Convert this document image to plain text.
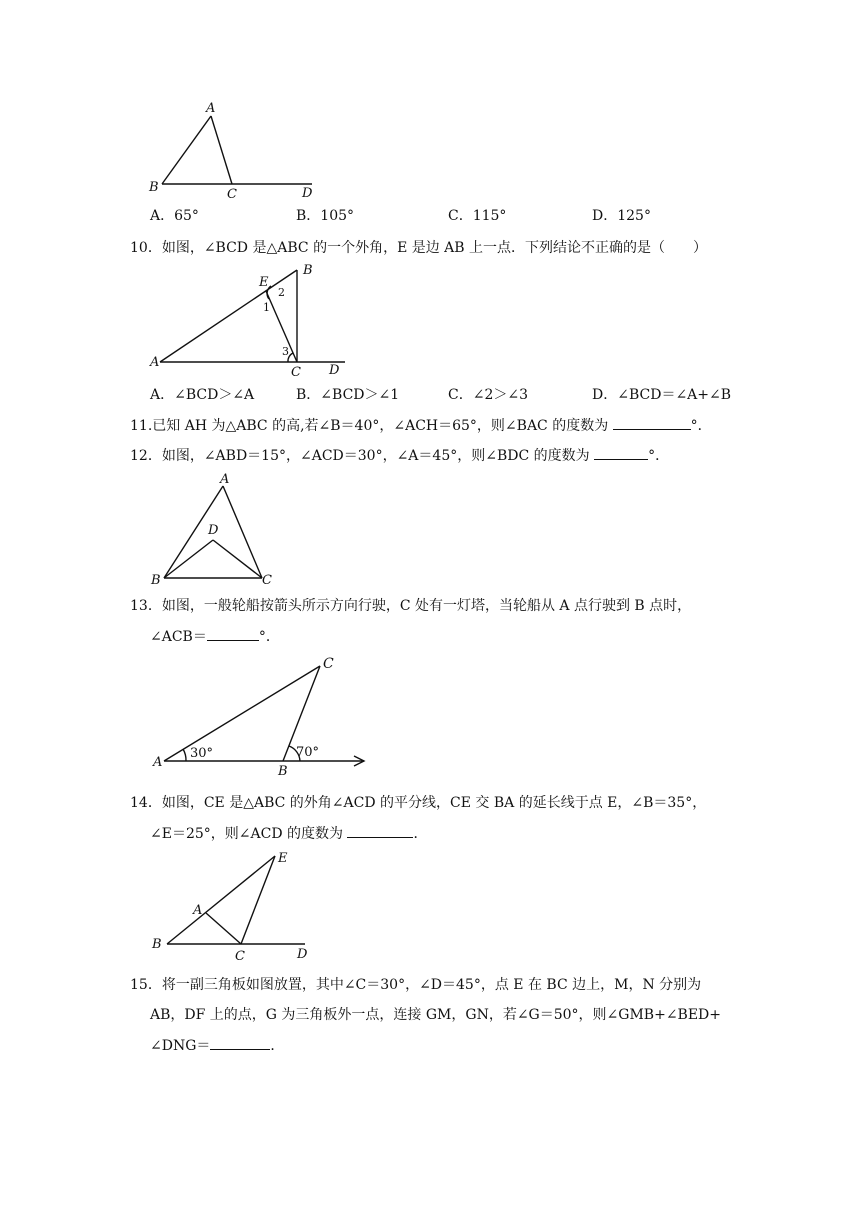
A
B	C	D
A．65°	B．105°	C．115°	D．125°
10．如图，∠BCD 是△ABC 的一个外角，E 是边 AB 上一点．下列结论不正确的是（　　）
B
E
2
1
3
A
C D
A．∠BCD＞∠A	B．∠BCD＞∠1	C．∠2＞∠3	D．∠BCD＝∠A+∠B
11.已知 AH 为△ABC 的高,若∠B＝40°，∠ACH＝65°，则∠BAC 的度数为	°．
12．如图，∠ABD＝15°，∠ACD＝30°，∠A＝45°，则∠BDC 的度数为	°．
A
D
B	C
13．如图，一般轮船按箭头所示方向行驶，C 处有一灯塔，当轮船从 A 点行驶到 B 点时，
∠ACB＝	°．
C
A
B
30°	70°
14．如图，CE 是△ABC 的外角∠ACD 的平分线，CE 交 BA 的延长线于点 E，∠B＝35°，
∠E＝25°，则∠ACD 的度数为	．
E
A
B
C	D
15．将一副三角板如图放置，其中∠C＝30°，∠D＝45°，点 E 在 BC 边上，M，N 分别为
AB，DF 上的点，G 为三角板外一点，连接 GM，GN，若∠G＝50°，则∠GMB+∠BED+
∠DNG＝	．
